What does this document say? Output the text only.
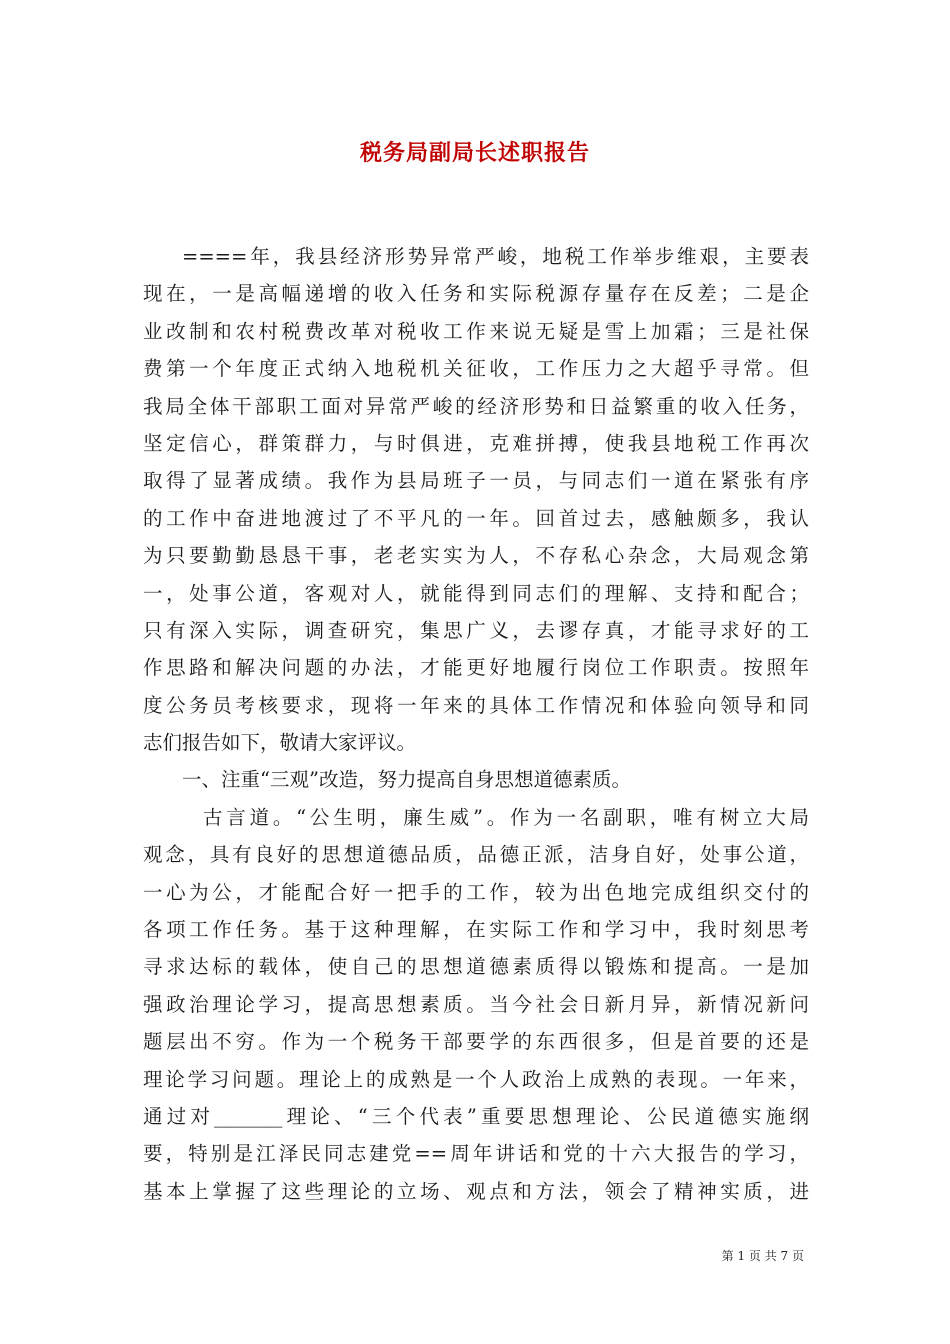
税务局副局长述职报告
====年，我县经济形势异常严峻，地税工作举步维艰，主要表
现在，一是高幅递增的收入任务和实际税源存量存在反差；二是企
业改制和农村税费改革对税收工作来说无疑是雪上加霜；三是社保
费第一个年度正式纳入地税机关征收，工作压力之大超乎寻常。但
我局全体干部职工面对异常严峻的经济形势和日益繁重的收入任务，
坚定信心，群策群力，与时俱进，克难拼搏，使我县地税工作再次
取得了显著成绩。我作为县局班子一员，与同志们一道在紧张有序
的工作中奋进地渡过了不平凡的一年。回首过去，感触颇多，我认
为只要勤勤恳恳干事，老老实实为人，不存私心杂念，大局观念第
一，处事公道，客观对人，就能得到同志们的理解、支持和配合；
只有深入实际，调查研究，集思广义，去谬存真，才能寻求好的工
作思路和解决问题的办法，才能更好地履行岗位工作职责。按照年
度公务员考核要求，现将一年来的具体工作情况和体验向领导和同
志们报告如下，敬请大家评议。
一、注重“三观”改造，努力提高自身思想道德素质。
古言道。“公生明，廉生威”。作为一名副职，唯有树立大局
观念，具有良好的思想道德品质，品德正派，洁身自好，处事公道，
一心为公，才能配合好一把手的工作，较为出色地完成组织交付的
各项工作任务。基于这种理解，在实际工作和学习中，我时刻思考
寻求达标的载体，使自己的思想道德素质得以锻炼和提高。一是加
强政治理论学习，提高思想素质。当今社会日新月异，新情况新问
题层出不穷。作为一个税务干部要学的东西很多，但是首要的还是
理论学习问题。理论上的成熟是一个人政治上成熟的表现。一年来，
通过对_______理论、“三个代表”重要思想理论、公民道德实施纲
要，特别是江泽民同志建党==周年讲话和党的十六大报告的学习，
基本上掌握了这些理论的立场、观点和方法，领会了精神实质，进
第 1 页 共 7 页
